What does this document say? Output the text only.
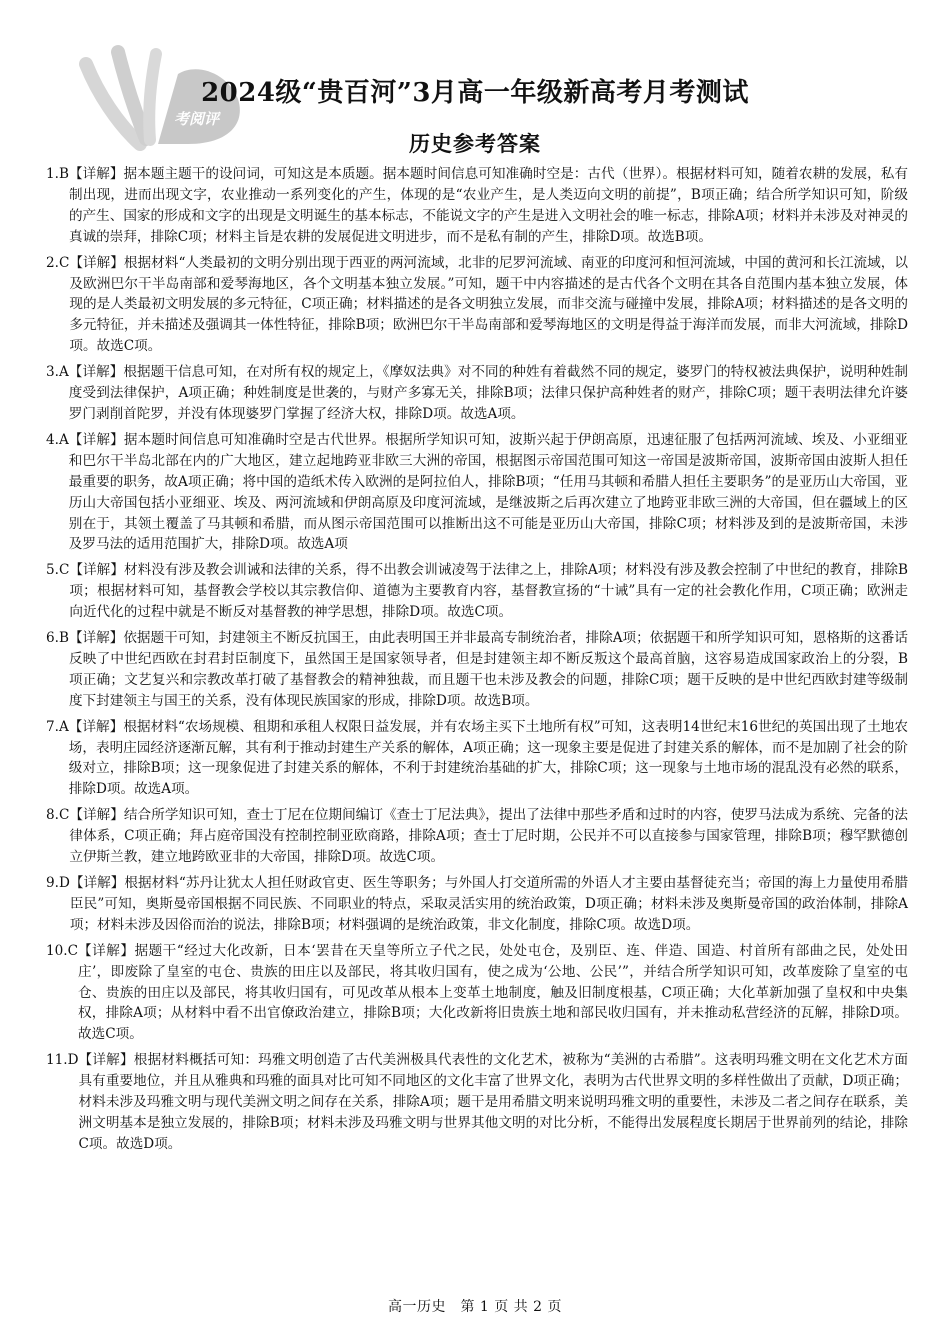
考阅评
2024级“贵百河”3月高一年级新高考月考测试
历史参考答案
1.B 【详解】据本题主题干的设问词，可知这是本质题。据本题时间信息可知准确时空是：古代（世界）。根据材料可知，随着农耕的发展，私有制出现，进而出现文字，农业推动一系列变化的产生，体现的是“农业产生，是人类迈向文明的前提”，B项正确；结合所学知识可知，阶级的产生、国家的形成和文字的出现是文明诞生的基本标志，不能说文字的产生是进入文明社会的唯一标志，排除A项；材料并未涉及对神灵的真诚的崇拜，排除C项；材料主旨是农耕的发展促进文明进步，而不是私有制的产生，排除D项。故选B项。
2.C 【详解】根据材料“人类最初的文明分别出现于西亚的两河流域，北非的尼罗河流域、南亚的印度河和恒河流域，中国的黄河和长江流域，以及欧洲巴尔干半岛南部和爱琴海地区，各个文明基本独立发展。”可知，题干中内容描述的是古代各个文明在其各自范围内基本独立发展，体现的是人类最初文明发展的多元特征，C项正确；材料描述的是各文明独立发展，而非交流与碰撞中发展，排除A项；材料描述的是各文明的多元特征，并未描述及强调其一体性特征，排除B项；欧洲巴尔干半岛南部和爱琴海地区的文明是得益于海洋而发展，而非大河流域，排除D项。故选C项。
3.A 【详解】根据题干信息可知，在对所有权的规定上，《摩奴法典》对不同的种姓有着截然不同的规定，婆罗门的特权被法典保护，说明种姓制度受到法律保护，A项正确；种姓制度是世袭的，与财产多寡无关，排除B项；法律只保护高种姓者的财产，排除C项；题干表明法律允许婆罗门剥削首陀罗，并没有体现婆罗门掌握了经济大权，排除D项。故选A项。
4.A 【详解】据本题时间信息可知准确时空是古代世界。根据所学知识可知，波斯兴起于伊朗高原，迅速征服了包括两河流域、埃及、小亚细亚和巴尔干半岛北部在内的广大地区，建立起地跨亚非欧三大洲的帝国，根据图示帝国范围可知这一帝国是波斯帝国，波斯帝国由波斯人担任最重要的职务，故A项正确；将中国的造纸术传入欧洲的是阿拉伯人，排除B项；“任用马其顿和希腊人担任主要职务”的是亚历山大帝国，亚历山大帝国包括小亚细亚、埃及、两河流域和伊朗高原及印度河流域，是继波斯之后再次建立了地跨亚非欧三洲的大帝国，但在疆域上的区别在于，其领土覆盖了马其顿和希腊，而从图示帝国范围可以推断出这不可能是亚历山大帝国，排除C项；材料涉及到的是波斯帝国，未涉及罗马法的适用范围扩大，排除D项。故选A项
5.C 【详解】材料没有涉及教会训诫和法律的关系，得不出教会训诫凌驾于法律之上，排除A项；材料没有涉及教会控制了中世纪的教育，排除B项；根据材料可知，基督教会学校以其宗教信仰、道德为主要教育内容，基督教宣扬的“十诫”具有一定的社会教化作用，C项正确；欧洲走向近代化的过程中就是不断反对基督教的神学思想，排除D项。故选C项。
6.B 【详解】依据题干可知，封建领主不断反抗国王，由此表明国王并非最高专制统治者，排除A项；依据题干和所学知识可知，恩格斯的这番话反映了中世纪西欧在封君封臣制度下，虽然国王是国家领导者，但是封建领主却不断反叛这个最高首脑，这容易造成国家政治上的分裂，B项正确；文艺复兴和宗教改革打破了基督教会的精神独裁，而且题干也未涉及教会的问题，排除C项；题干反映的是中世纪西欧封建等级制度下封建领主与国王的关系，没有体现民族国家的形成，排除D项。故选B项。
7.A 【详解】根据材料“农场规模、租期和承租人权限日益发展，并有农场主买下土地所有权”可知，这表明14世纪末16世纪的英国出现了土地农场，表明庄园经济逐渐瓦解，其有利于推动封建生产关系的解体，A项正确；这一现象主要是促进了封建关系的解体，而不是加剧了社会的阶级对立，排除B项；这一现象促进了封建关系的解体，不利于封建统治基础的扩大，排除C项；这一现象与土地市场的混乱没有必然的联系，排除D项。故选A项。
8.C 【详解】结合所学知识可知，查士丁尼在位期间编订《查士丁尼法典》，提出了法律中那些矛盾和过时的内容，使罗马法成为系统、完备的法律体系，C项正确；拜占庭帝国没有控制控制亚欧商路，排除A项；查士丁尼时期，公民并不可以直接参与国家管理，排除B项；穆罕默德创立伊斯兰教，建立地跨欧亚非的大帝国，排除D项。故选C项。
9.D 【详解】根据材料“苏丹让犹太人担任财政官吏、医生等职务；与外国人打交道所需的外语人才主要由基督徒充当；帝国的海上力量使用希腊臣民”可知，奥斯曼帝国根据不同民族、不同职业的特点，采取灵活实用的统治政策，D项正确；材料未涉及奥斯曼帝国的政治体制，排除A项；材料未涉及因俗而治的说法，排除B项；材料强调的是统治政策，非文化制度，排除C项。故选D项。
10.C 【详解】据题干“经过大化改新，日本‘罢昔在天皇等所立子代之民，处处屯仓，及别臣、连、伴造、国造、村首所有部曲之民，处处田庄’，即废除了皇室的屯仓、贵族的田庄以及部民，将其收归国有，使之成为‘公地、公民’”，并结合所学知识可知，改革废除了皇室的屯仓、贵族的田庄以及部民，将其收归国有，可见改革从根本上变革土地制度，触及旧制度根基，C项正确；大化革新加强了皇权和中央集权，排除A项；从材料中看不出官僚政治建立，排除B项；大化改新将旧贵族土地和部民收归国有，并未推动私营经济的瓦解，排除D项。故选C项。
11.D 【详解】根据材料概括可知：玛雅文明创造了古代美洲极具代表性的文化艺术，被称为“美洲的古希腊”。这表明玛雅文明在文化艺术方面具有重要地位，并且从雅典和玛雅的面具对比可知不同地区的文化丰富了世界文化，表明为古代世界文明的多样性做出了贡献，D项正确；材料未涉及玛雅文明与现代美洲文明之间存在关系，排除A项；题干是用希腊文明来说明玛雅文明的重要性，未涉及二者之间存在联系，美洲文明基本是独立发展的，排除B项；材料未涉及玛雅文明与世界其他文明的对比分析，不能得出发展程度长期居于世界前列的结论，排除C项。故选D项。
高一历史　第 1 页 共 2 页
